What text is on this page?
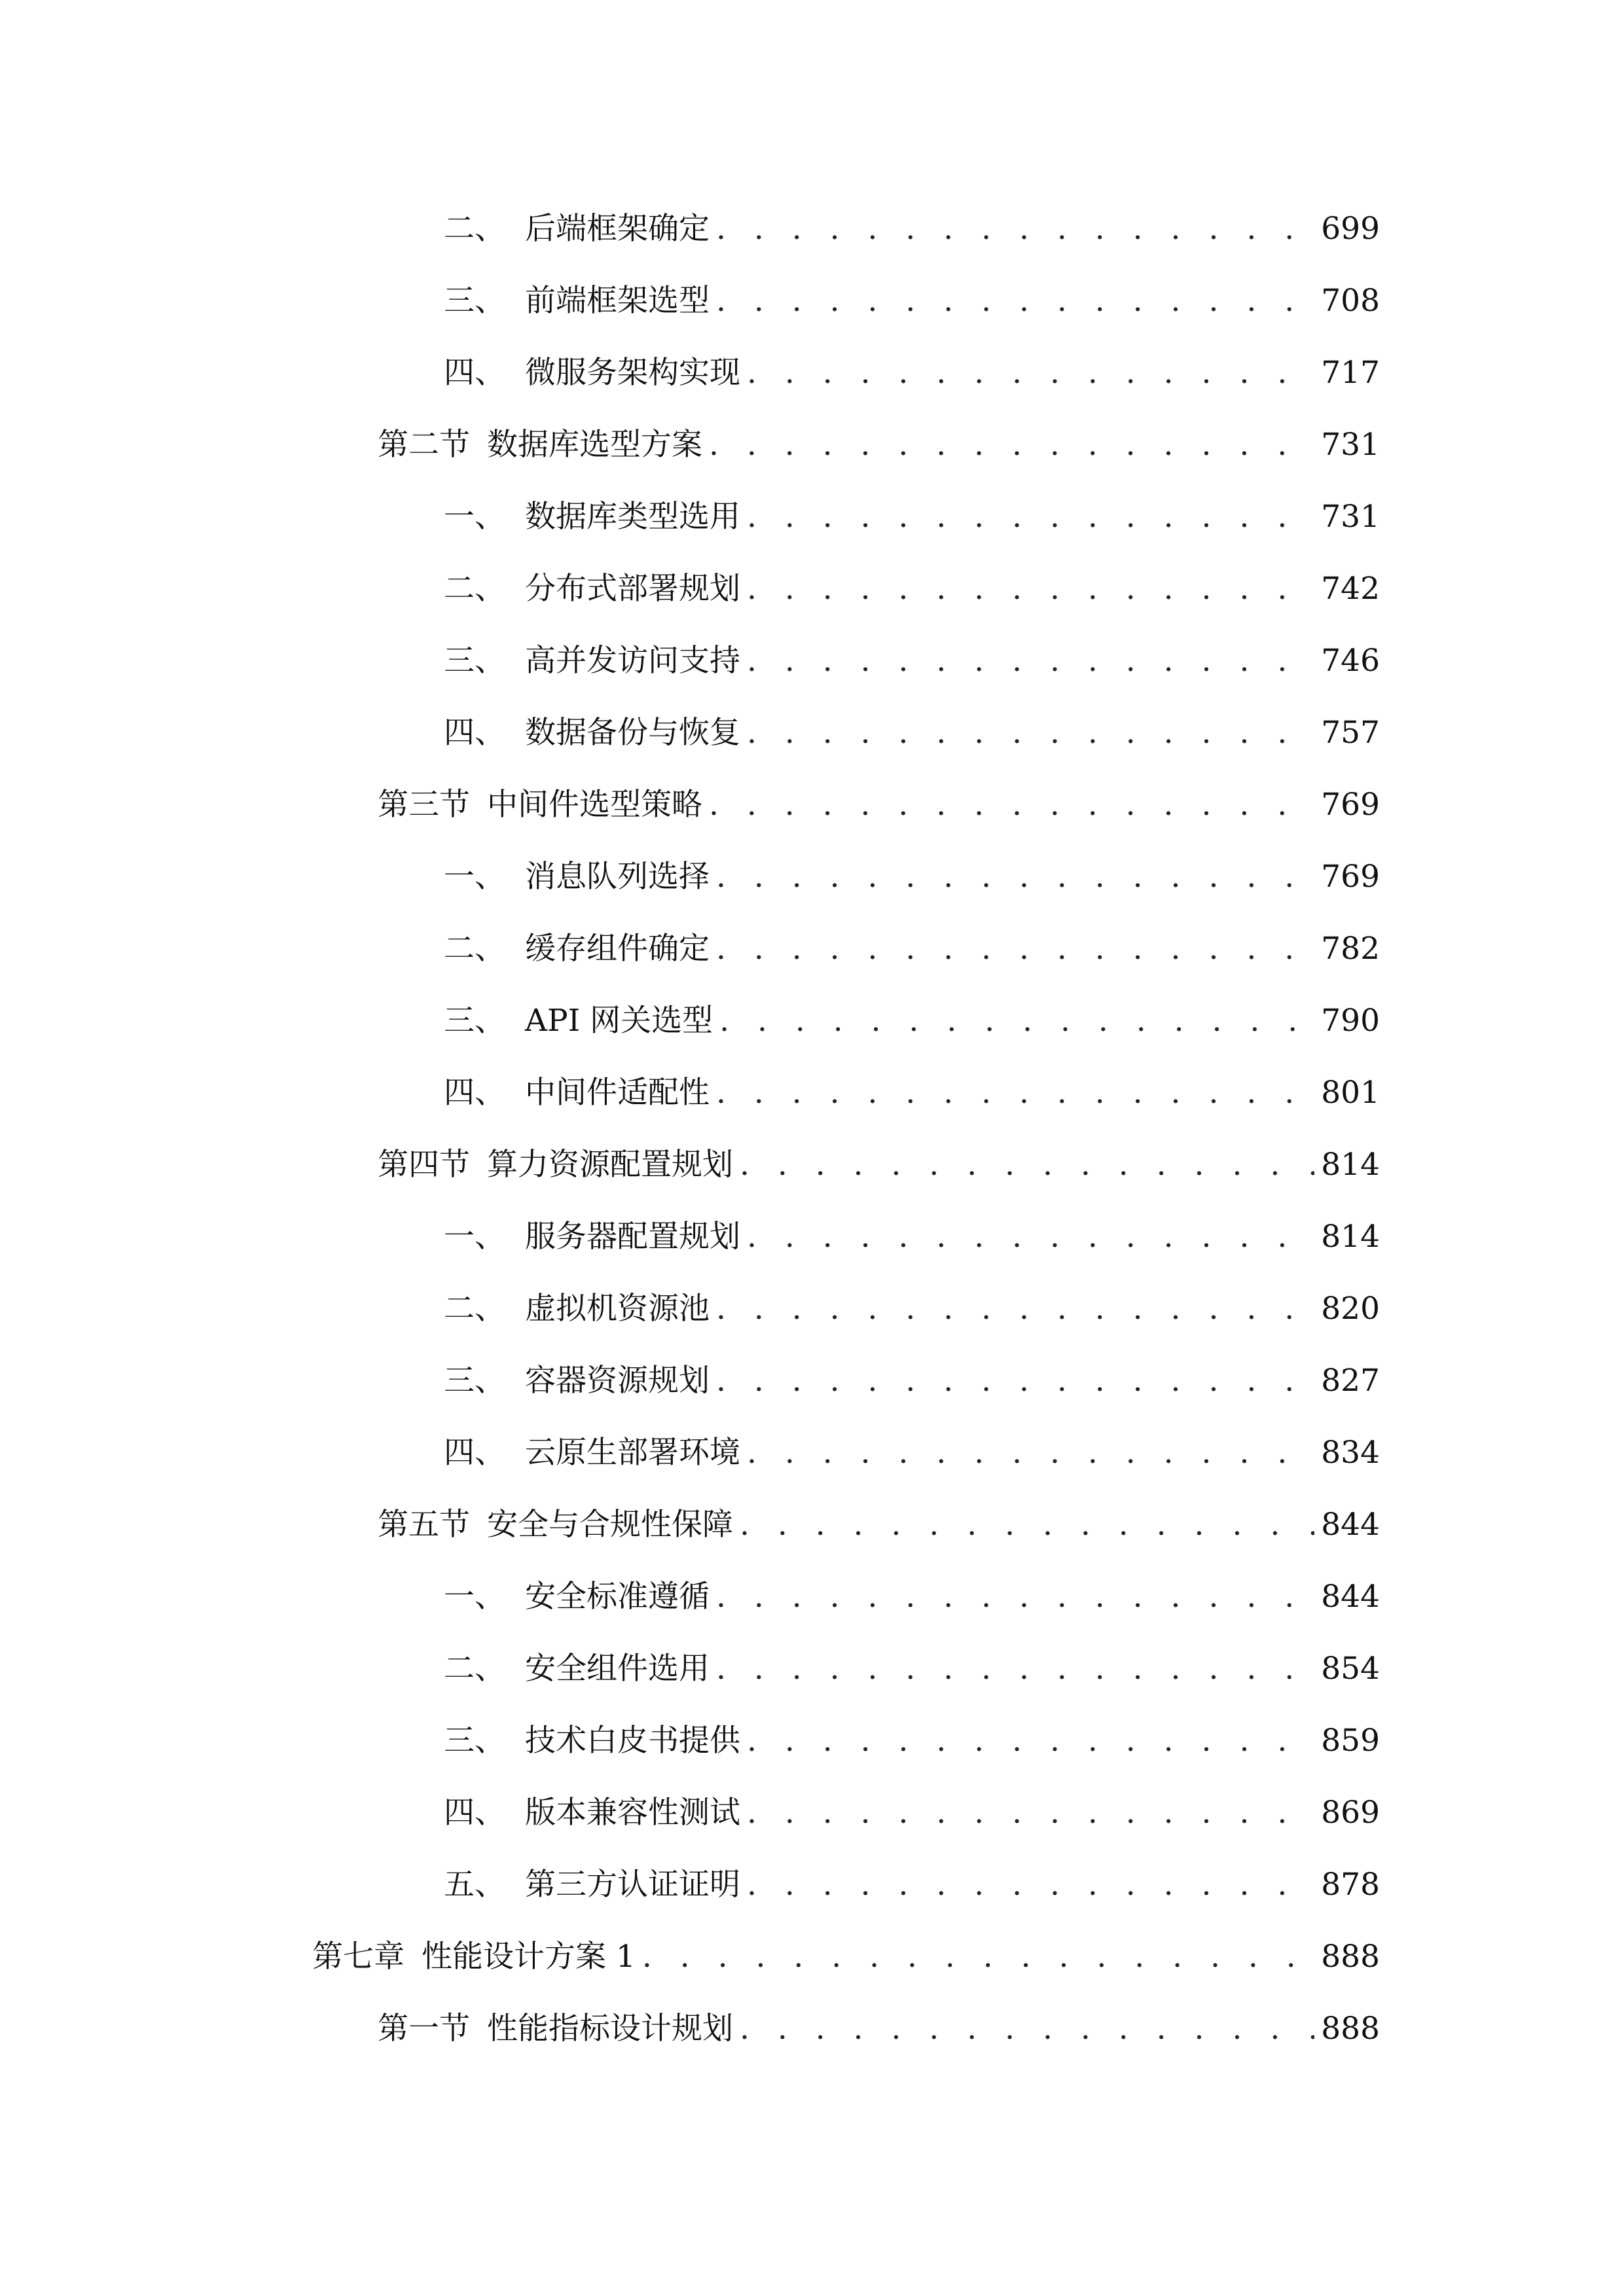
二、 后端框架确定 . . .	699
三、 前端框架选型 . . .	708
四、 微服务架构实现 . . .	717
第二节 数据库选型方案 . . .	731
一、 数据库类型选用 . . .	731
二、 分布式部署规划 . . .	742
三、 高并发访问支持 . . .	746
四、 数据备份与恢复 . . .	757
第三节 中间件选型策略 . . .	769
一、 消息队列选择 . . .	769
二、 缓存组件确定 . . .	782
三、 API 网关选型 . . .	790
四、 中间件适配性 . . .	801
第四节 算力资源配置规划 . . .	814
一、 服务器配置规划 . . .	814
二、 虚拟机资源池 . . .	820
三、 容器资源规划 . . .	827
四、 云原生部署环境 . . .	834
第五节 安全与合规性保障 . . .	844
一、 安全标准遵循 . . .	844
二、 安全组件选用 . . .	854
三、 技术白皮书提供 . . .	859
四、 版本兼容性测试 . . .	869
五、 第三方认证证明 . . .	878
第七章 性能设计方案 1 . . .	888
第一节 性能指标设计规划 . . .	888
